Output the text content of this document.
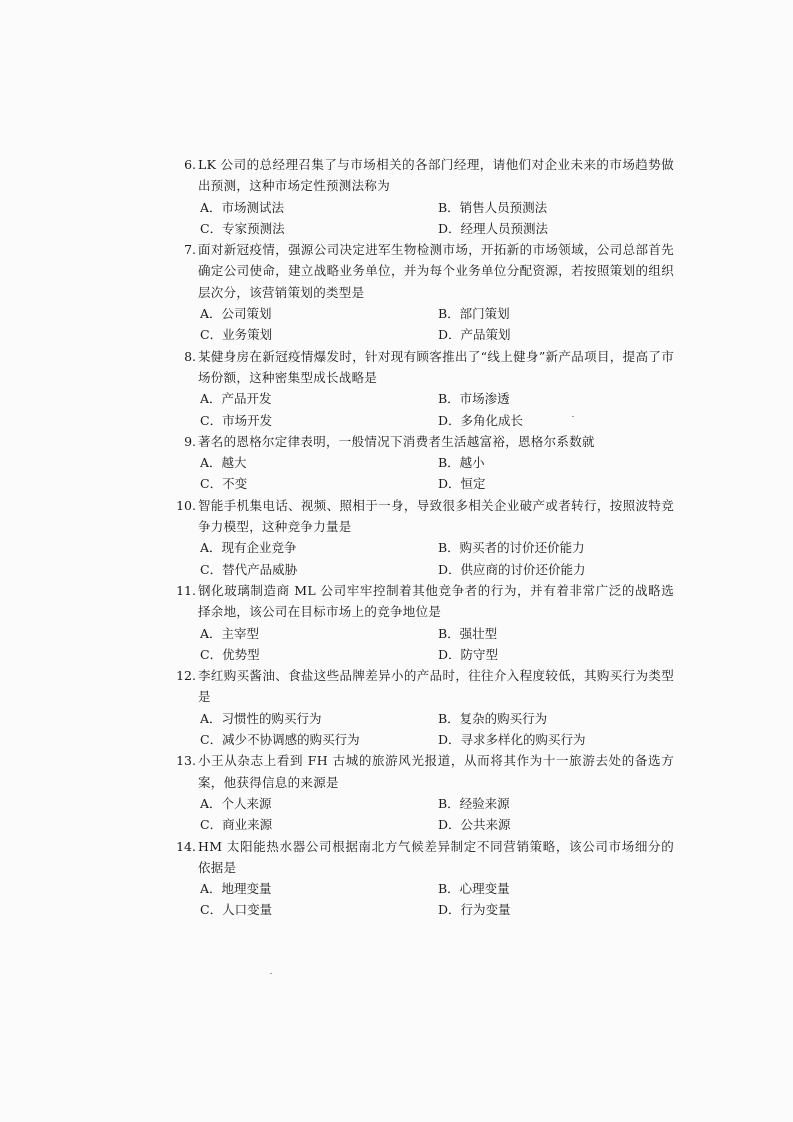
6. LK 公司的总经理召集了与市场相关的各部门经理，请他们对企业未来的市场趋势做出预测，这种市场定性预测法称为
A．市场测试法	B．销售人员预测法
C．专家预测法	D．经理人员预测法
7. 面对新冠疫情，强源公司决定进军生物检测市场，开拓新的市场领域，公司总部首先确定公司使命，建立战略业务单位，并为每个业务单位分配资源，若按照策划的组织层次分，该营销策划的类型是
A．公司策划	B．部门策划
C．业务策划	D．产品策划
8. 某健身房在新冠疫情爆发时，针对现有顾客推出了“线上健身”新产品项目，提高了市场份额，这种密集型成长战略是
A．产品开发	B．市场渗透
C．市场开发	D．多角化成长
9. 著名的恩格尔定律表明，一般情况下消费者生活越富裕，恩格尔系数就
A．越大	B．越小
C．不变	D．恒定
10. 智能手机集电话、视频、照相于一身，导致很多相关企业破产或者转行，按照波特竞争力模型，这种竞争力量是
A．现有企业竞争	B．购买者的讨价还价能力
C．替代产品威胁	D．供应商的讨价还价能力
11. 钢化玻璃制造商 ML 公司牢牢控制着其他竞争者的行为，并有着非常广泛的战略选择余地，该公司在目标市场上的竞争地位是
A．主宰型	B．强壮型
C．优势型	D．防守型
12. 李红购买酱油、食盐这些品牌差异小的产品时，往往介入程度较低，其购买行为类型是
A．习惯性的购买行为	B．复杂的购买行为
C．减少不协调感的购买行为	D．寻求多样化的购买行为
13. 小王从杂志上看到 FH 古城的旅游风光报道，从而将其作为十一旅游去处的备选方案，他获得信息的来源是
A．个人来源	B．经验来源
C．商业来源	D．公共来源
14. HM 太阳能热水器公司根据南北方气候差异制定不同营销策略，该公司市场细分的依据是
A．地理变量	B．心理变量
C．人口变量	D．行为变量
